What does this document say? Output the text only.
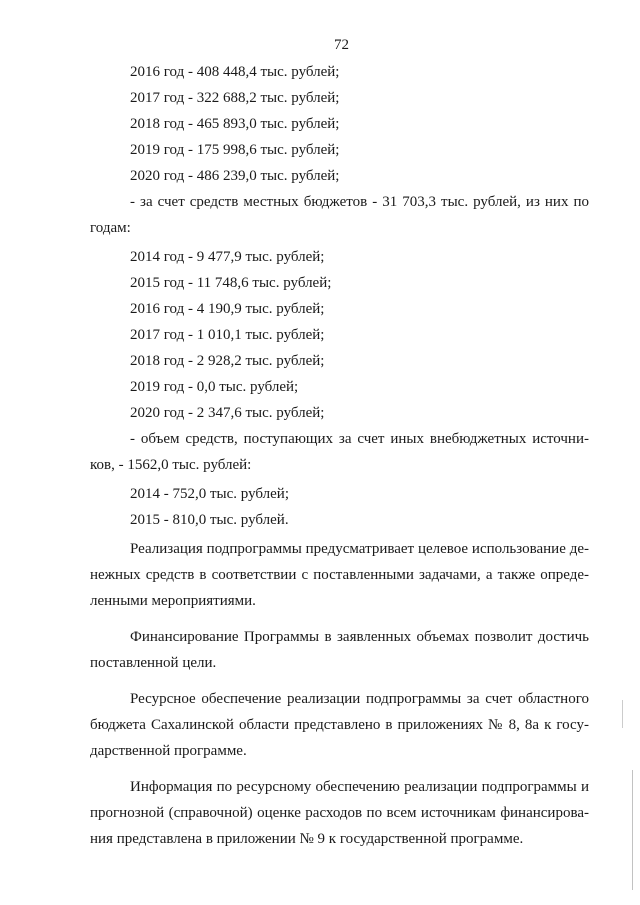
72

2016 год - 408 448,4 тыс. рублей;

2017 год - 322 688,2 тыс. рублей;

2018 год - 465 893,0 тыс. рублей;

2019 год - 175 998,6 тыс. рублей;

2020 год - 486 239,0 тыс. рублей;

- за счет средств местных бюджетов - 31 703,3 тыс. рублей, из них по

годам:

2014 год - 9 477,9 тыс. рублей;

2015 год - 11 748,6 тыс. рублей;

2016 год - 4 190,9 тыс. рублей;

2017 год - 1 010,1 тыс. рублей;

2018 год - 2 928,2 тыс. рублей;

2019 год - 0,0 тыс. рублей;

2020 год - 2 347,6 тыс. рублей;

- объем средств, поступающих за счет иных внебюджетных источни-

ков, - 1562,0 тыс. рублей:

2014 - 752,0 тыс. рублей;

2015 - 810,0 тыс. рублей.

Реализация подпрограммы предусматривает целевое использование де-

нежных средств в соответствии с поставленными задачами, а также опреде-

ленными мероприятиями.

Финансирование Программы в заявленных объемах позволит достичь

поставленной цели.

Ресурсное обеспечение реализации подпрограммы за счет областного

бюджета Сахалинской области представлено в приложениях № 8, 8а к госу-

дарственной программе.

Информация по ресурсному обеспечению реализации подпрограммы и

прогнозной (справочной) оценке расходов по всем источникам финансирова-

ния представлена в приложении № 9 к государственной программе.
